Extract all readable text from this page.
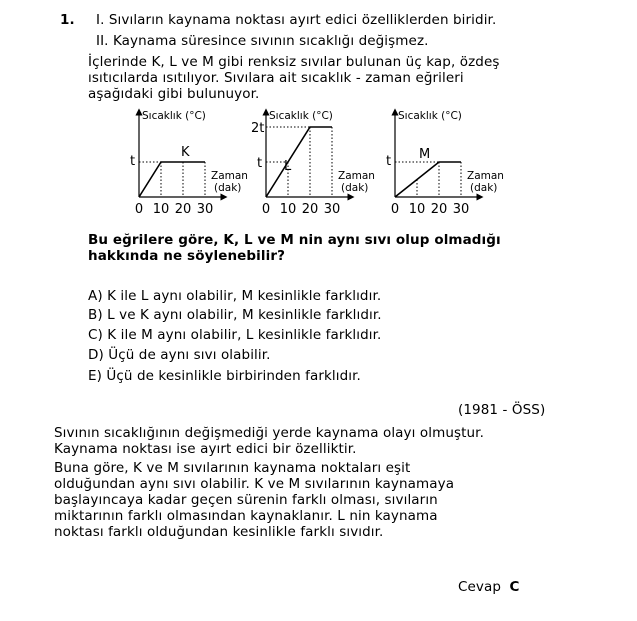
1. I. Sıvıların kaynama noktası ayırt edici özelliklerden biridir.
II. Kaynama süresince sıvının sıcaklığı değişmez.
İçlerinde K, L ve M gibi renksiz sıvılar bulunan üç kap, özdeş
ısıtıcılarda ısıtılıyor. Sıvılara ait sıcaklık - zaman eğrileri
aşağıdaki gibi bulunuyor.
Sıcaklık (°C)
Zaman
(dak)
t
0 10 20 30
K
Sıcaklık (°C)
Zaman
(dak)
2t
t
0 10 20 30
L
Sıcaklık (°C)
Zaman
(dak)
t
0 10 20 30
M
Bu eğrilere göre, K, L ve M nin aynı sıvı olup olmadığı
hakkında ne söylenebilir?
A) K ile L aynı olabilir, M kesinlikle farklıdır.
B) L ve K aynı olabilir, M kesinlikle farklıdır.
C) K ile M aynı olabilir, L kesinlikle farklıdır.
D) Üçü de aynı sıvı olabilir.
E) Üçü de kesinlikle birbirinden farklıdır.
(1981 - ÖSS)
Sıvının sıcaklığının değişmediği yerde kaynama olayı olmuştur.
Kaynama noktası ise ayırt edici bir özelliktir.
Buna göre, K ve M sıvılarının kaynama noktaları eşit
olduğundan aynı sıvı olabilir. K ve M sıvılarının kaynamaya
başlayıncaya kadar geçen sürenin farklı olması, sıvıların
miktarının farklı olmasından kaynaklanır. L nin kaynama
noktası farklı olduğundan kesinlikle farklı sıvıdır.
Cevap C
